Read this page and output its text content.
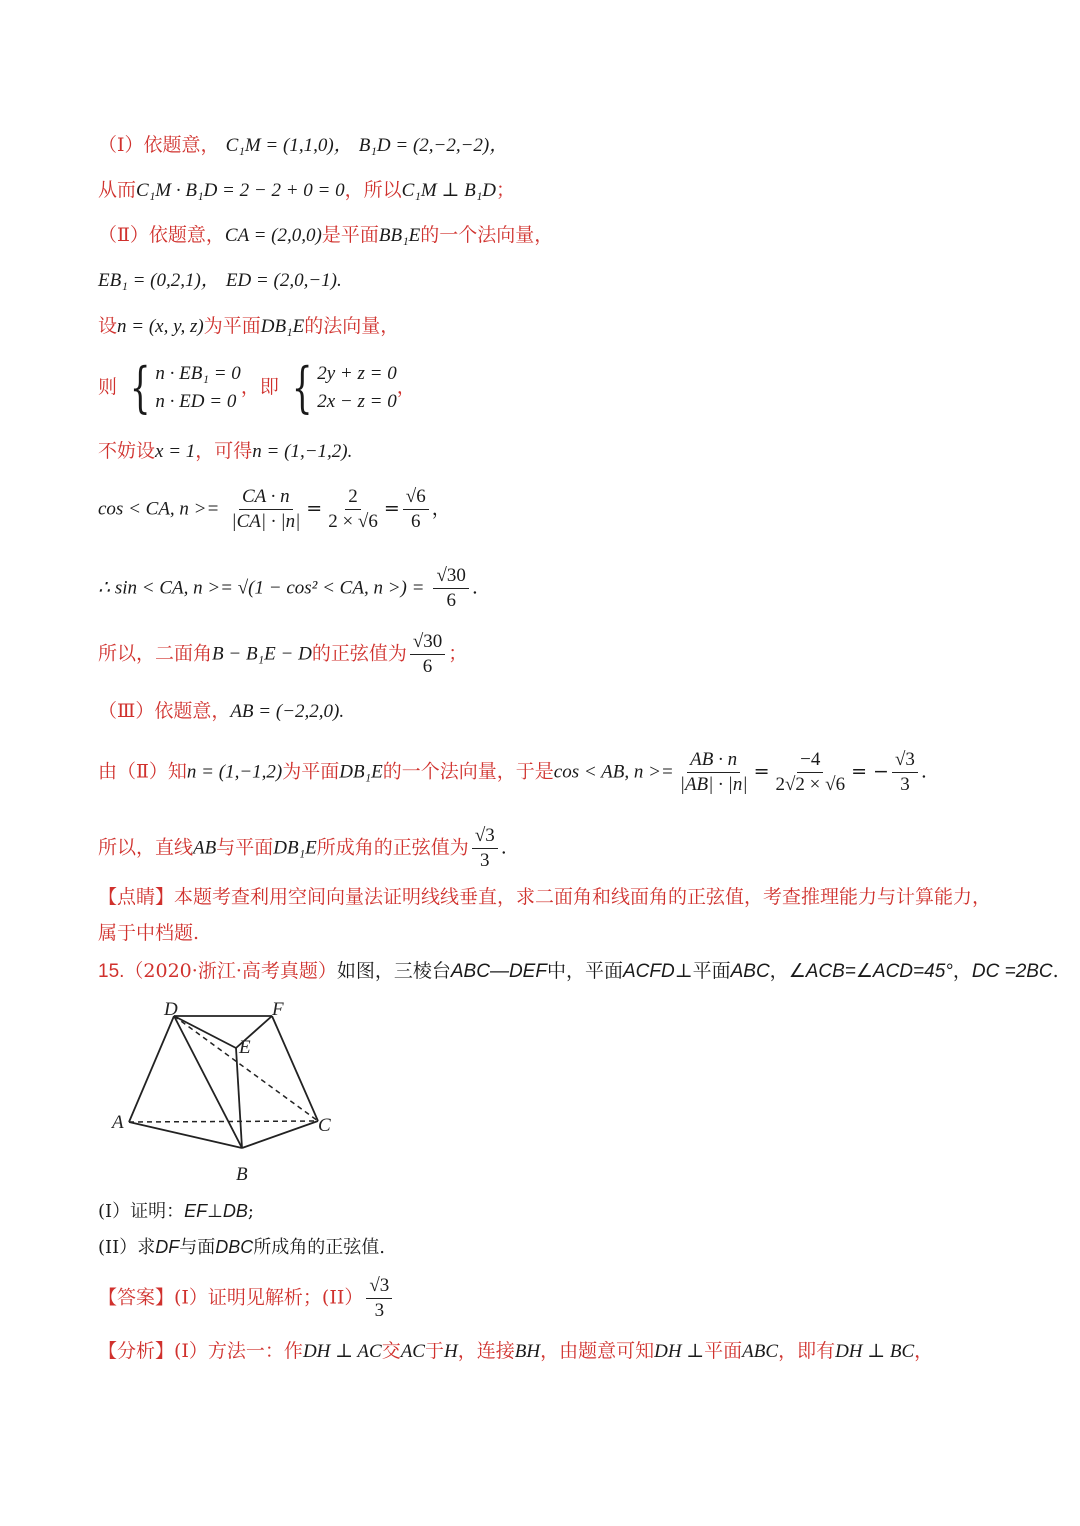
（Ⅰ）依题意， C₁M = (1,1,0)， B₁D = (2,−2,−2)，
从而C₁M · B₁D = 2 − 2 + 0 = 0，所以C₁M ⊥ B₁D；
（Ⅱ）依题意，CA = (2,0,0)是平面BB₁E的一个法向量，
EB₁ = (0,2,1)， ED = (2,0,−1).
设n = (x, y, z)为平面DB₁E的法向量，
则 { n · EB₁ = 0
n · ED = 0
，即 { 2y + z = 0
2x − z = 0
，
不妨设x = 1，可得n = (1,−1,2).
cos < CA, $n >= \frac{CA \cdot n}{|CA| \cdot |n|} = \frac{2}{2 \times √6} = \frac{√6}{6}$ ，
∴ sin < CA, n >= √(1 − cos² < CA, n >) = $\frac{√30}{6}$ .
所以，二面角B − B₁E − D的正弦值为 $\frac{√30}{6}$ ；
（Ⅲ）依题意，AB = (−2,2,0).
由（Ⅱ）知n = (1,−1,2)为平面DB₁E的一个法向量，于是cos < AB, $n >= \frac{AB \cdot n}{|AB| \cdot |n|} = \frac{-4}{2√2 \times √6}$ = − $\frac{√3}{3}$ .
所以，直线AB与平面DB₁E所成角的正弦值为 $\frac{√3}{3}$ .
【点睛】本题考查利用空间向量法证明线线垂直，求二面角和线面角的正弦值，考查推理能力与计算能力，
属于中档题.
15.（2020·浙江·高考真题）如图，三棱台ABC—DEF中，平面ACFD⊥平面ABC，∠ACB=∠ACD=45°，DC =2BC.
D	F
E
A	C
B
(I）证明：EF⊥DB;
(II）求DF与面DBC所成角的正弦值.
【答案】(I）证明见解析；$(II) \frac{√3}{3}$
【分析】(Ⅰ）方法一：作DH ⊥ AC交AC于H，连接BH，由题意可知DH ⊥平面ABC，即有DH ⊥ BC，
